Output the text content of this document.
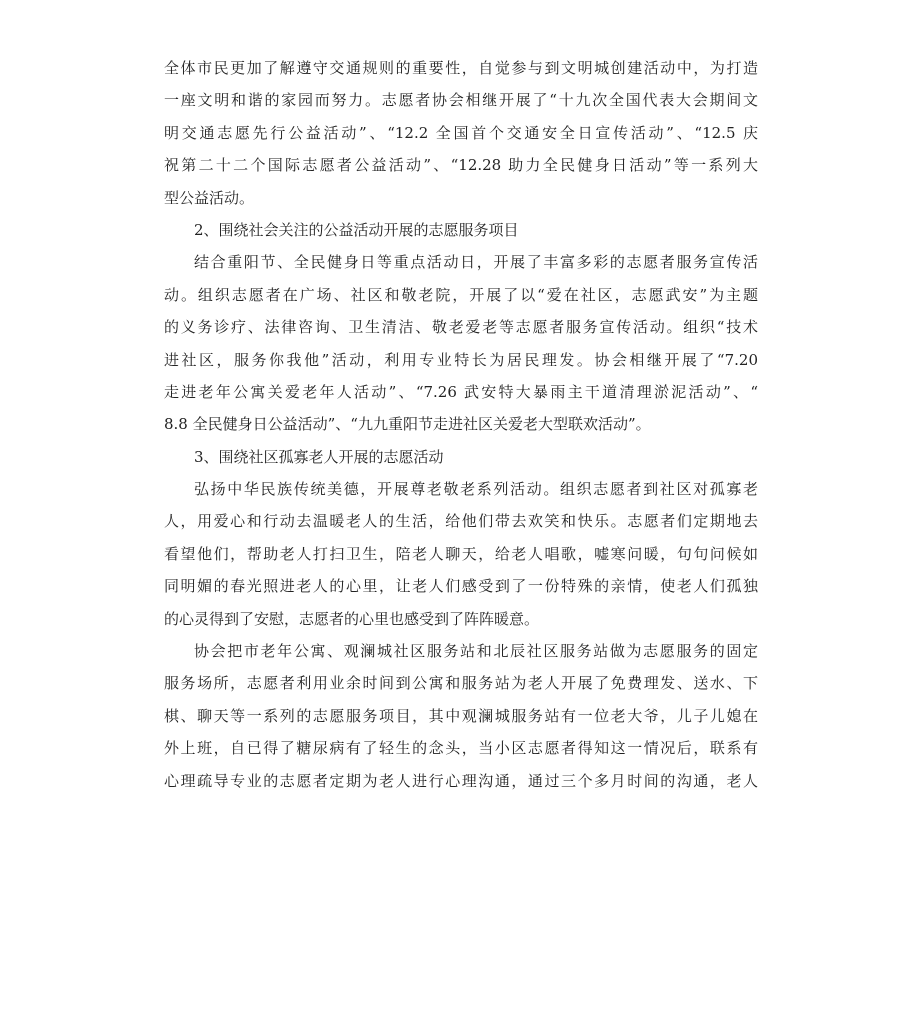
全体市民更加了解遵守交通规则的重要性，自觉参与到文明城创建活动中，为打造
一座文明和谐的家园而努力。志愿者协会相继开展了“十九次全国代表大会期间文
明交通志愿先行公益活动”、“12.2 全国首个交通安全日宣传活动”、“12.5 庆
祝第二十二个国际志愿者公益活动”、“12.28 助力全民健身日活动”等一系列大
型公益活动。
2、围绕社会关注的公益活动开展的志愿服务项目
结合重阳节、全民健身日等重点活动日，开展了丰富多彩的志愿者服务宣传活
动。组织志愿者在广场、社区和敬老院，开展了以“爱在社区，志愿武安”为主题
的义务诊疗、法律咨询、卫生清洁、敬老爱老等志愿者服务宣传活动。组织“技术
进社区，服务你我他”活动，利用专业特长为居民理发。协会相继开展了“7.20
走进老年公寓关爱老年人活动”、“7.26 武安特大暴雨主干道清理淤泥活动”、“
8.8 全民健身日公益活动”、“九九重阳节走进社区关爱老大型联欢活动”。
3、围绕社区孤寡老人开展的志愿活动
弘扬中华民族传统美德，开展尊老敬老系列活动。组织志愿者到社区对孤寡老
人，用爱心和行动去温暖老人的生活，给他们带去欢笑和快乐。志愿者们定期地去
看望他们，帮助老人打扫卫生，陪老人聊天，给老人唱歌，嘘寒问暖，句句问候如
同明媚的春光照进老人的心里，让老人们感受到了一份特殊的亲情，使老人们孤独
的心灵得到了安慰，志愿者的心里也感受到了阵阵暖意。
协会把市老年公寓、观澜城社区服务站和北辰社区服务站做为志愿服务的固定
服务场所，志愿者利用业余时间到公寓和服务站为老人开展了免费理发、送水、下
棋、聊天等一系列的志愿服务项目，其中观澜城服务站有一位老大爷，儿子儿媳在
外上班，自已得了糖尿病有了轻生的念头，当小区志愿者得知这一情况后，联系有
心理疏导专业的志愿者定期为老人进行心理沟通，通过三个多月时间的沟通，老人
